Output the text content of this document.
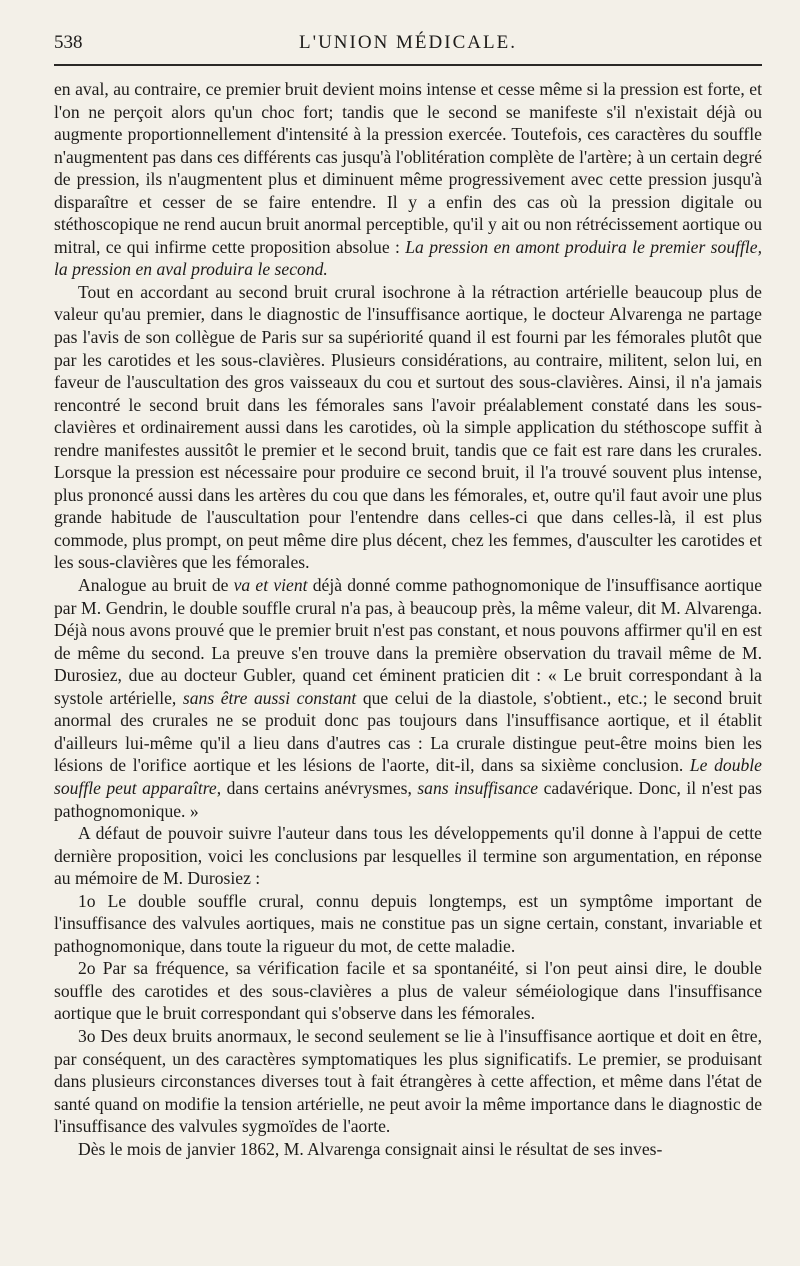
538	L'UNION MÉDICALE.

en aval, au contraire, ce premier bruit devient moins intense et cesse même si la pression est forte, et l'on ne perçoit alors qu'un choc fort; tandis que le second se manifeste s'il n'existait déjà ou augmente proportionnellement d'intensité à la pression exercée. Toutefois, ces caractères du souffle n'augmentent pas dans ces différents cas jusqu'à l'oblitération complète de l'artère; à un certain degré de pression, ils n'augmentent plus et diminuent même progressivement avec cette pression jusqu'à disparaître et cesser de se faire entendre. Il y a enfin des cas où la pression digitale ou stéthoscopique ne rend aucun bruit anormal perceptible, qu'il y ait ou non rétrécissement aortique ou mitral, ce qui infirme cette proposition absolue : La pression en amont produira le premier souffle, la pression en aval produira le second.

Tout en accordant au second bruit crural isochrone à la rétraction artérielle beaucoup plus de valeur qu'au premier, dans le diagnostic de l'insuffisance aortique, le docteur Alvarenga ne partage pas l'avis de son collègue de Paris sur sa supériorité quand il est fourni par les fémorales plutôt que par les carotides et les sous-clavières. Plusieurs considérations, au contraire, militent, selon lui, en faveur de l'auscultation des gros vaisseaux du cou et surtout des sous-clavières. Ainsi, il n'a jamais rencontré le second bruit dans les fémorales sans l'avoir préalablement constaté dans les sous-clavières et ordinairement aussi dans les carotides, où la simple application du stéthoscope suffit à rendre manifestes aussitôt le premier et le second bruit, tandis que ce fait est rare dans les crurales. Lorsque la pression est nécessaire pour produire ce second bruit, il l'a trouvé souvent plus intense, plus prononcé aussi dans les artères du cou que dans les fémorales, et, outre qu'il faut avoir une plus grande habitude de l'auscultation pour l'entendre dans celles-ci que dans celles-là, il est plus commode, plus prompt, on peut même dire plus décent, chez les femmes, d'ausculter les carotides et les sous-clavières que les fémorales.

Analogue au bruit de va et vient déjà donné comme pathognomonique de l'insuffisance aortique par M. Gendrin, le double souffle crural n'a pas, à beaucoup près, la même valeur, dit M. Alvarenga. Déjà nous avons prouvé que le premier bruit n'est pas constant, et nous pouvons affirmer qu'il en est de même du second. La preuve s'en trouve dans la première observation du travail même de M. Durosiez, due au docteur Gubler, quand cet éminent praticien dit : « Le bruit correspondant à la systole artérielle, sans être aussi constant que celui de la diastole, s'obtient., etc.; le second bruit anormal des crurales ne se produit donc pas toujours dans l'insuffisance aortique, et il établit d'ailleurs lui-même qu'il a lieu dans d'autres cas : La crurale distingue peut-être moins bien les lésions de l'orifice aortique et les lésions de l'aorte, dit-il, dans sa sixième conclusion. Le double souffle peut apparaître, dans certains anévrysmes, sans insuffisance cadavérique. Donc, il n'est pas pathognomonique. »

A défaut de pouvoir suivre l'auteur dans tous les développements qu'il donne à l'appui de cette dernière proposition, voici les conclusions par lesquelles il termine son argumentation, en réponse au mémoire de M. Durosiez :

1o Le double souffle crural, connu depuis longtemps, est un symptôme important de l'insuffisance des valvules aortiques, mais ne constitue pas un signe certain, constant, invariable et pathognomonique, dans toute la rigueur du mot, de cette maladie.

2o Par sa fréquence, sa vérification facile et sa spontanéité, si l'on peut ainsi dire, le double souffle des carotides et des sous-clavières a plus de valeur séméiologique dans l'insuffisance aortique que le bruit correspondant qui s'observe dans les fémorales.

3o Des deux bruits anormaux, le second seulement se lie à l'insuffisance aortique et doit en être, par conséquent, un des caractères symptomatiques les plus significatifs. Le premier, se produisant dans plusieurs circonstances diverses tout à fait étrangères à cette affection, et même dans l'état de santé quand on modifie la tension artérielle, ne peut avoir la même importance dans le diagnostic de l'insuffisance des valvules sygmoïdes de l'aorte.

Dès le mois de janvier 1862, M. Alvarenga consignait ainsi le résultat de ses inves-
